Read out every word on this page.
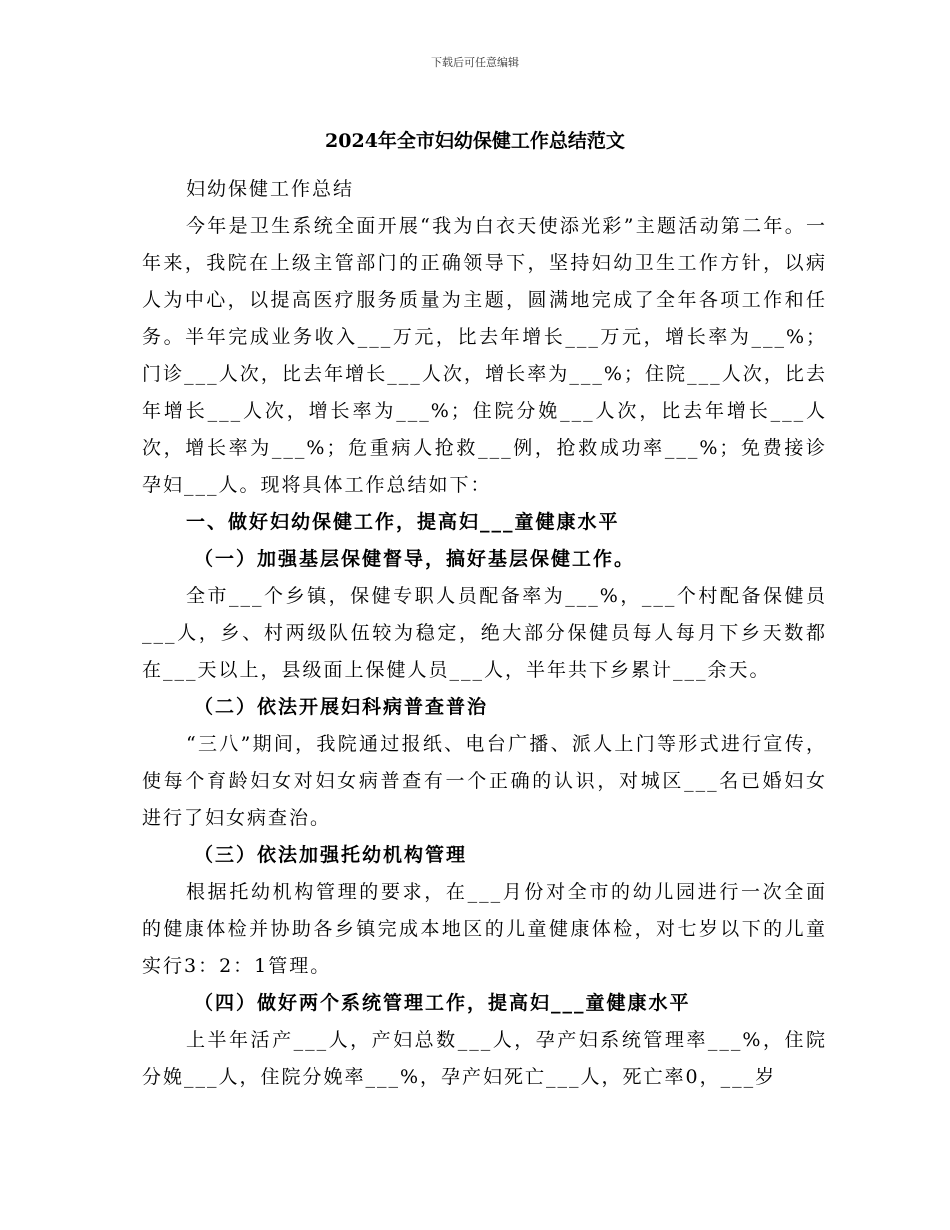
下载后可任意编辑
2024年全市妇幼保健工作总结范文

妇幼保健工作总结

今年是卫生系统全面开展“我为白衣天使添光彩”主题活动第二年。一年来，我院在上级主管部门的正确领导下，坚持妇幼卫生工作方针，以病人为中心，以提高医疗服务质量为主题，圆满地完成了全年各项工作和任务。半年完成业务收入___万元，比去年增长___万元，增长率为___%；门诊___人次，比去年增长___人次，增长率为___%；住院___人次，比去年增长___人次，增长率为___%；住院分娩___人次，比去年增长___人次，增长率为___%；危重病人抢救___例，抢救成功率___%；免费接诊孕妇___人。现将具体工作总结如下：

一、做好妇幼保健工作，提高妇___童健康水平

（一）加强基层保健督导，搞好基层保健工作。

全市___个乡镇，保健专职人员配备率为___%，___个村配备保健员___人，乡、村两级队伍较为稳定，绝大部分保健员每人每月下乡天数都在___天以上，县级面上保健人员___人，半年共下乡累计___余天。

（二）依法开展妇科病普查普治

“三八”期间，我院通过报纸、电台广播、派人上门等形式进行宣传，使每个育龄妇女对妇女病普查有一个正确的认识，对城区___名已婚妇女进行了妇女病查治。

（三）依法加强托幼机构管理

根据托幼机构管理的要求，在___月份对全市的幼儿园进行一次全面的健康体检并协助各乡镇完成本地区的儿童健康体检，对七岁以下的儿童实行3：2：1管理。

（四）做好两个系统管理工作，提高妇___童健康水平

上半年活产___人，产妇总数___人，孕产妇系统管理率___%，住院分娩___人，住院分娩率___%，孕产妇死亡___人，死亡率0，___岁
